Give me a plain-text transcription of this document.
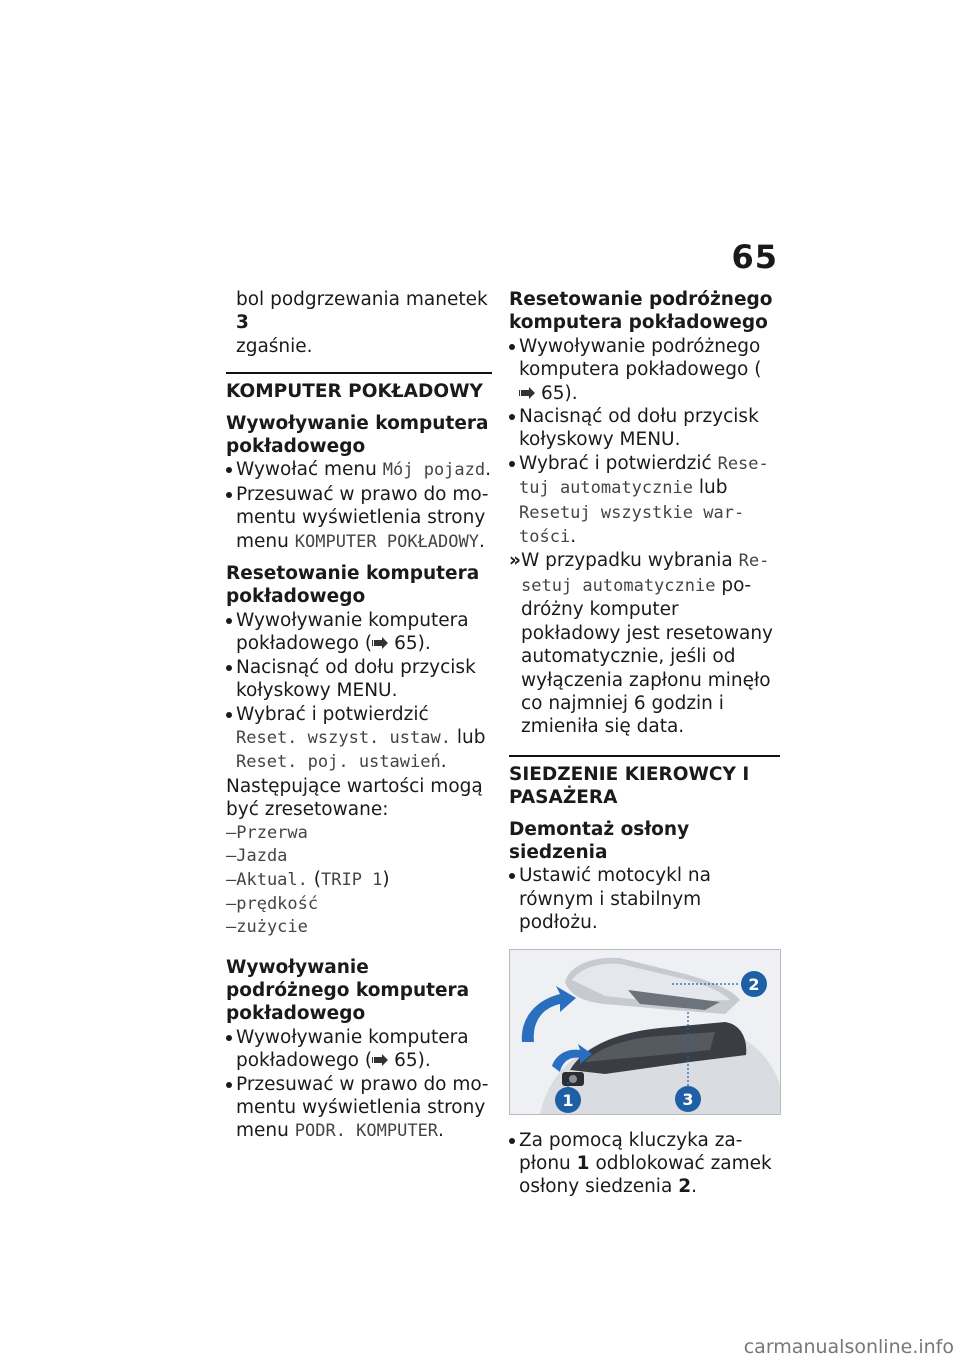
65

bol podgrzewania manetek 3
zgaśnie.

KOMPUTER POKŁADOWY
Wywoływanie komputera pokładowego

Wywołać menu Mój pojazd.

Przesuwać w prawo do momentu wyświetlenia strony menu KOMPUTER POKŁADOWY.

Resetowanie komputera pokładowego

Wywoływanie komputera pokładowego ( 65).

Nacisnąć od dołu przycisk kołyskowy MENU.

Wybrać i potwierdzić Reset. wszyst. ustaw. lub Reset. poj. ustawień.

Następujące wartości mogą być zresetowane:

–Przerwa

–Jazda

–Aktual. (TRIP 1)

–prędkość

–zużycie

Wywoływanie podróżnego komputera pokładowego

Wywoływanie komputera pokładowego ( 65).

Przesuwać w prawo do momentu wyświetlenia strony menu PODR. KOMPUTER.

Resetowanie podróżnego komputera pokładowego

Wywoływanie podróżnego komputera pokładowego (65).

Nacisnąć od dołu przycisk kołyskowy MENU.

Wybrać i potwierdzić Resetuj automatycznie lub Resetuj wszystkie wartości.

» W przypadku wybrania Resetuj automatycznie podróżny komputer pokładowy jest resetowany automatycznie, jeśli od wyłączenia zapłonu minęło co najmniej 6 godzin i zmieniła się data.

SIEDZENIE KIEROWCY I PASAŻERA
Demontaż osłony siedzenia

Ustawić motocykl na równym i stabilnym podłożu.

2
3
1

Za pomocą kluczyka zapłonu 1 odblokować zamek osłony siedzenia 2.

carmanualsonline.info
